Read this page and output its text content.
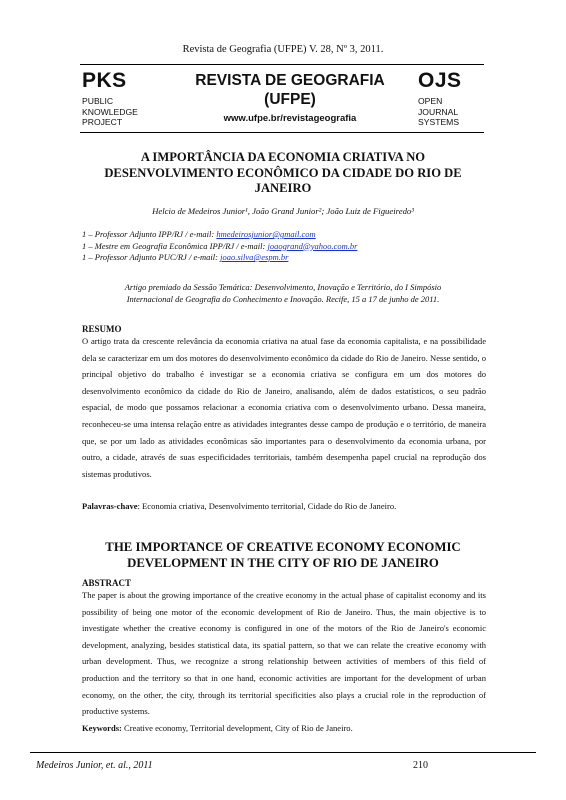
Revista de Geografia (UFPE) V. 28, Nº 3, 2011.
PKS
PUBLIC
KNOWLEDGE
PROJECT
REVISTA DE GEOGRAFIA
(UFPE)
www.ufpe.br/revistageografia
OJS
OPEN
JOURNAL
SYSTEMS
A IMPORTÂNCIA DA ECONOMIA CRIATIVA NO
DESENVOLVIMENTO ECONÔMICO DA CIDADE DO RIO DE
JANEIRO
Helcio de Medeiros Junior¹, João Grand Junior²; João Luiz de Figueiredo³
1 – Professor Adjunto IPP/RJ / e-mail: hmedeirosjunior@gmail.com
1 – Mestre em Geografia Econômica IPP/RJ / e-mail: joaogrand@yahoo.com.br
1 – Professor Adjunto PUC/RJ / e-mail: joao.silva@espm.br
Artigo premiado da Sessão Temática: Desenvolvimento, Inovação e Território, do I Simpósio
Internacional de Geografia do Conhecimento e Inovação. Recife, 15 a 17 de junho de 2011.
RESUMO
O artigo trata da crescente relevância da economia criativa na atual fase da economia capitalista, e na possibilidade dela se caracterizar em um dos motores do desenvolvimento econômico da cidade do Rio de Janeiro. Nesse sentido, o principal objetivo do trabalho é investigar se a economia criativa se configura em um dos motores do desenvolvimento econômico da cidade do Rio de Janeiro, analisando, além de dados estatísticos, o seu padrão espacial, de modo que possamos relacionar a economia criativa com o desenvolvimento urbano. Dessa maneira, reconheceu-se uma intensa relação entre as atividades integrantes desse campo de produção e o território, de maneira que, se por um lado as atividades econômicas são importantes para o desenvolvimento da economia urbana, por outro, a cidade, através de suas especificidades territoriais, também desempenha papel crucial na reprodução dos sistemas produtivos.
Palavras-chave: Economia criativa, Desenvolvimento territorial, Cidade do Rio de Janeiro.
THE IMPORTANCE OF CREATIVE ECONOMY ECONOMIC
DEVELOPMENT IN THE CITY OF RIO DE JANEIRO
ABSTRACT
The paper is about the growing importance of the creative economy in the actual phase of capitalist economy and its possibility of being one motor of the economic development of Rio de Janeiro. Thus, the main objective is to investigate whether the creative economy is configured in one of the motors of the Rio de Janeiro's economic development, analyzing, besides statistical data, its spatial pattern, so that we can relate the creative economy with urban development. Thus, we recognize a strong relationship between activities of members of this field of production and the territory so that in one hand, economic activities are important for the development of urban economy, on the other, the city, through its territorial specificities also plays a crucial role in the reproduction of productive systems.
Keywords: Creative economy, Territorial development, City of Rio de Janeiro.
Medeiros Junior, et. al., 2011	210
